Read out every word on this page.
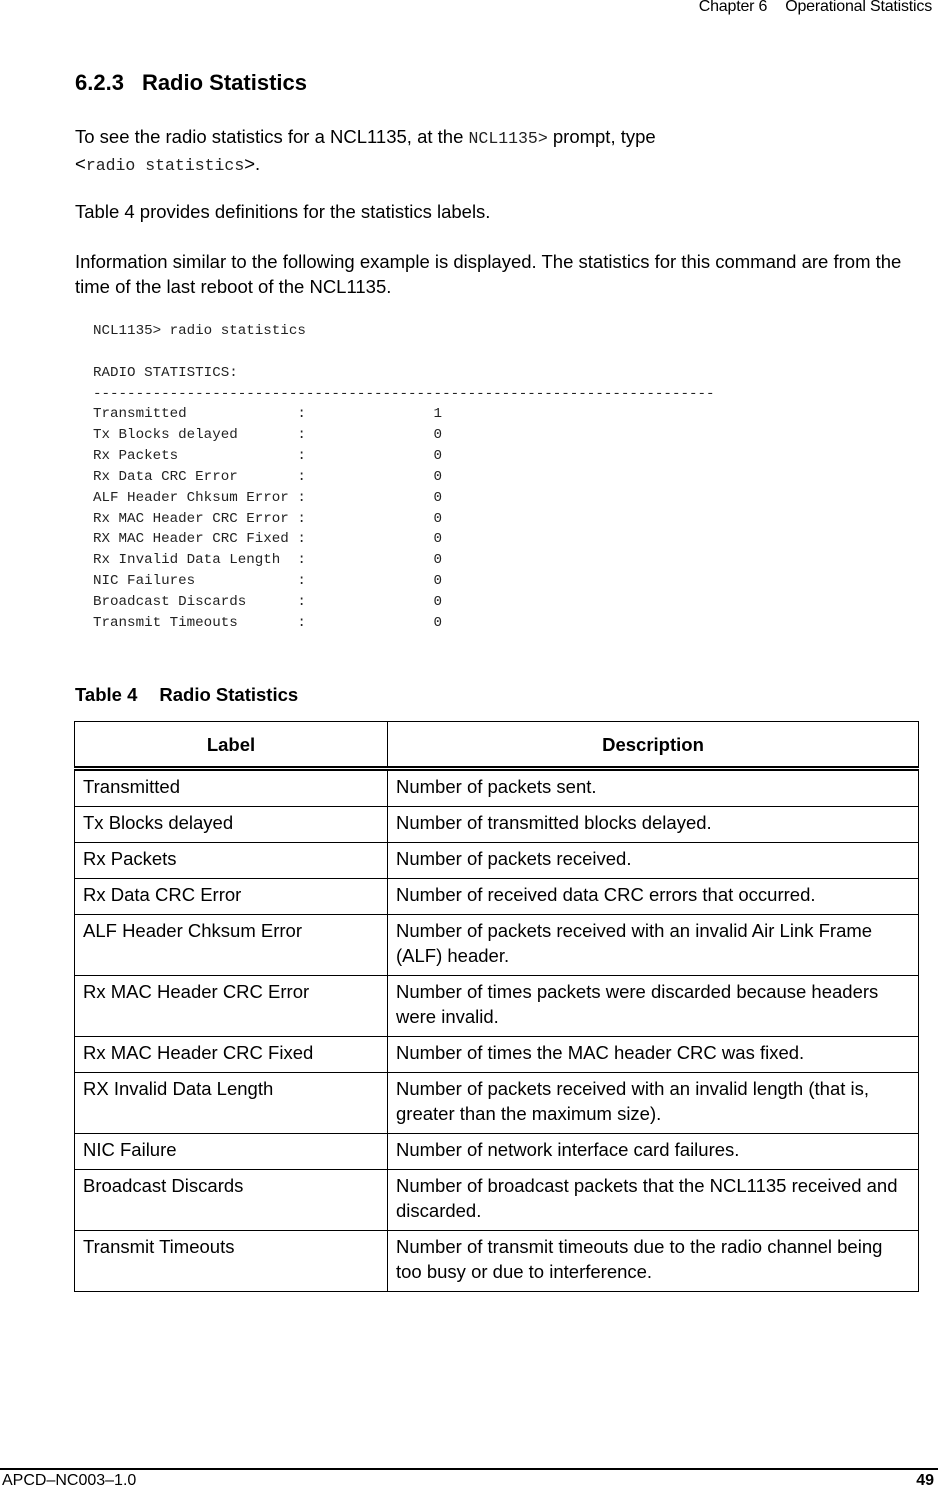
Chapter 6 Operational Statistics
6.2.3 Radio Statistics

To see the radio statistics for a NCL1135, at the NCL1135> prompt, type
<radio statistics>.

Table 4 provides definitions for the statistics labels.

Information similar to the following example is displayed. The statistics for this command are from the time of the last reboot of the NCL1135.

NCL1135> radio statistics

RADIO STATISTICS:
-------------------------------------------------------------------------
Transmitted             :               1
Tx Blocks delayed       :               0
Rx Packets              :               0
Rx Data CRC Error       :               0
ALF Header Chksum Error :               0
Rx MAC Header CRC Error :               0
RX MAC Header CRC Fixed :               0
Rx Invalid Data Length  :               0
NIC Failures            :               0
Broadcast Discards      :               0
Transmit Timeouts       :               0

Table 4 Radio Statistics

Label	Description
Transmitted	Number of packets sent.
Tx Blocks delayed	Number of transmitted blocks delayed.
Rx Packets	Number of packets received.
Rx Data CRC Error	Number of received data CRC errors that occurred.
ALF Header Chksum Error	Number of packets received with an invalid Air Link Frame (ALF) header.
Rx MAC Header CRC Error	Number of times packets were discarded because headers were invalid.
Rx MAC Header CRC Fixed	Number of times the MAC header CRC was fixed.
RX Invalid Data Length	Number of packets received with an invalid length (that is, greater than the maximum size).
NIC Failure	Number of network interface card failures.
Broadcast Discards	Number of broadcast packets that the NCL1135 received and discarded.
Transmit Timeouts	Number of transmit timeouts due to the radio channel being too busy or due to interference.
APCD–NC003–1.0	49
